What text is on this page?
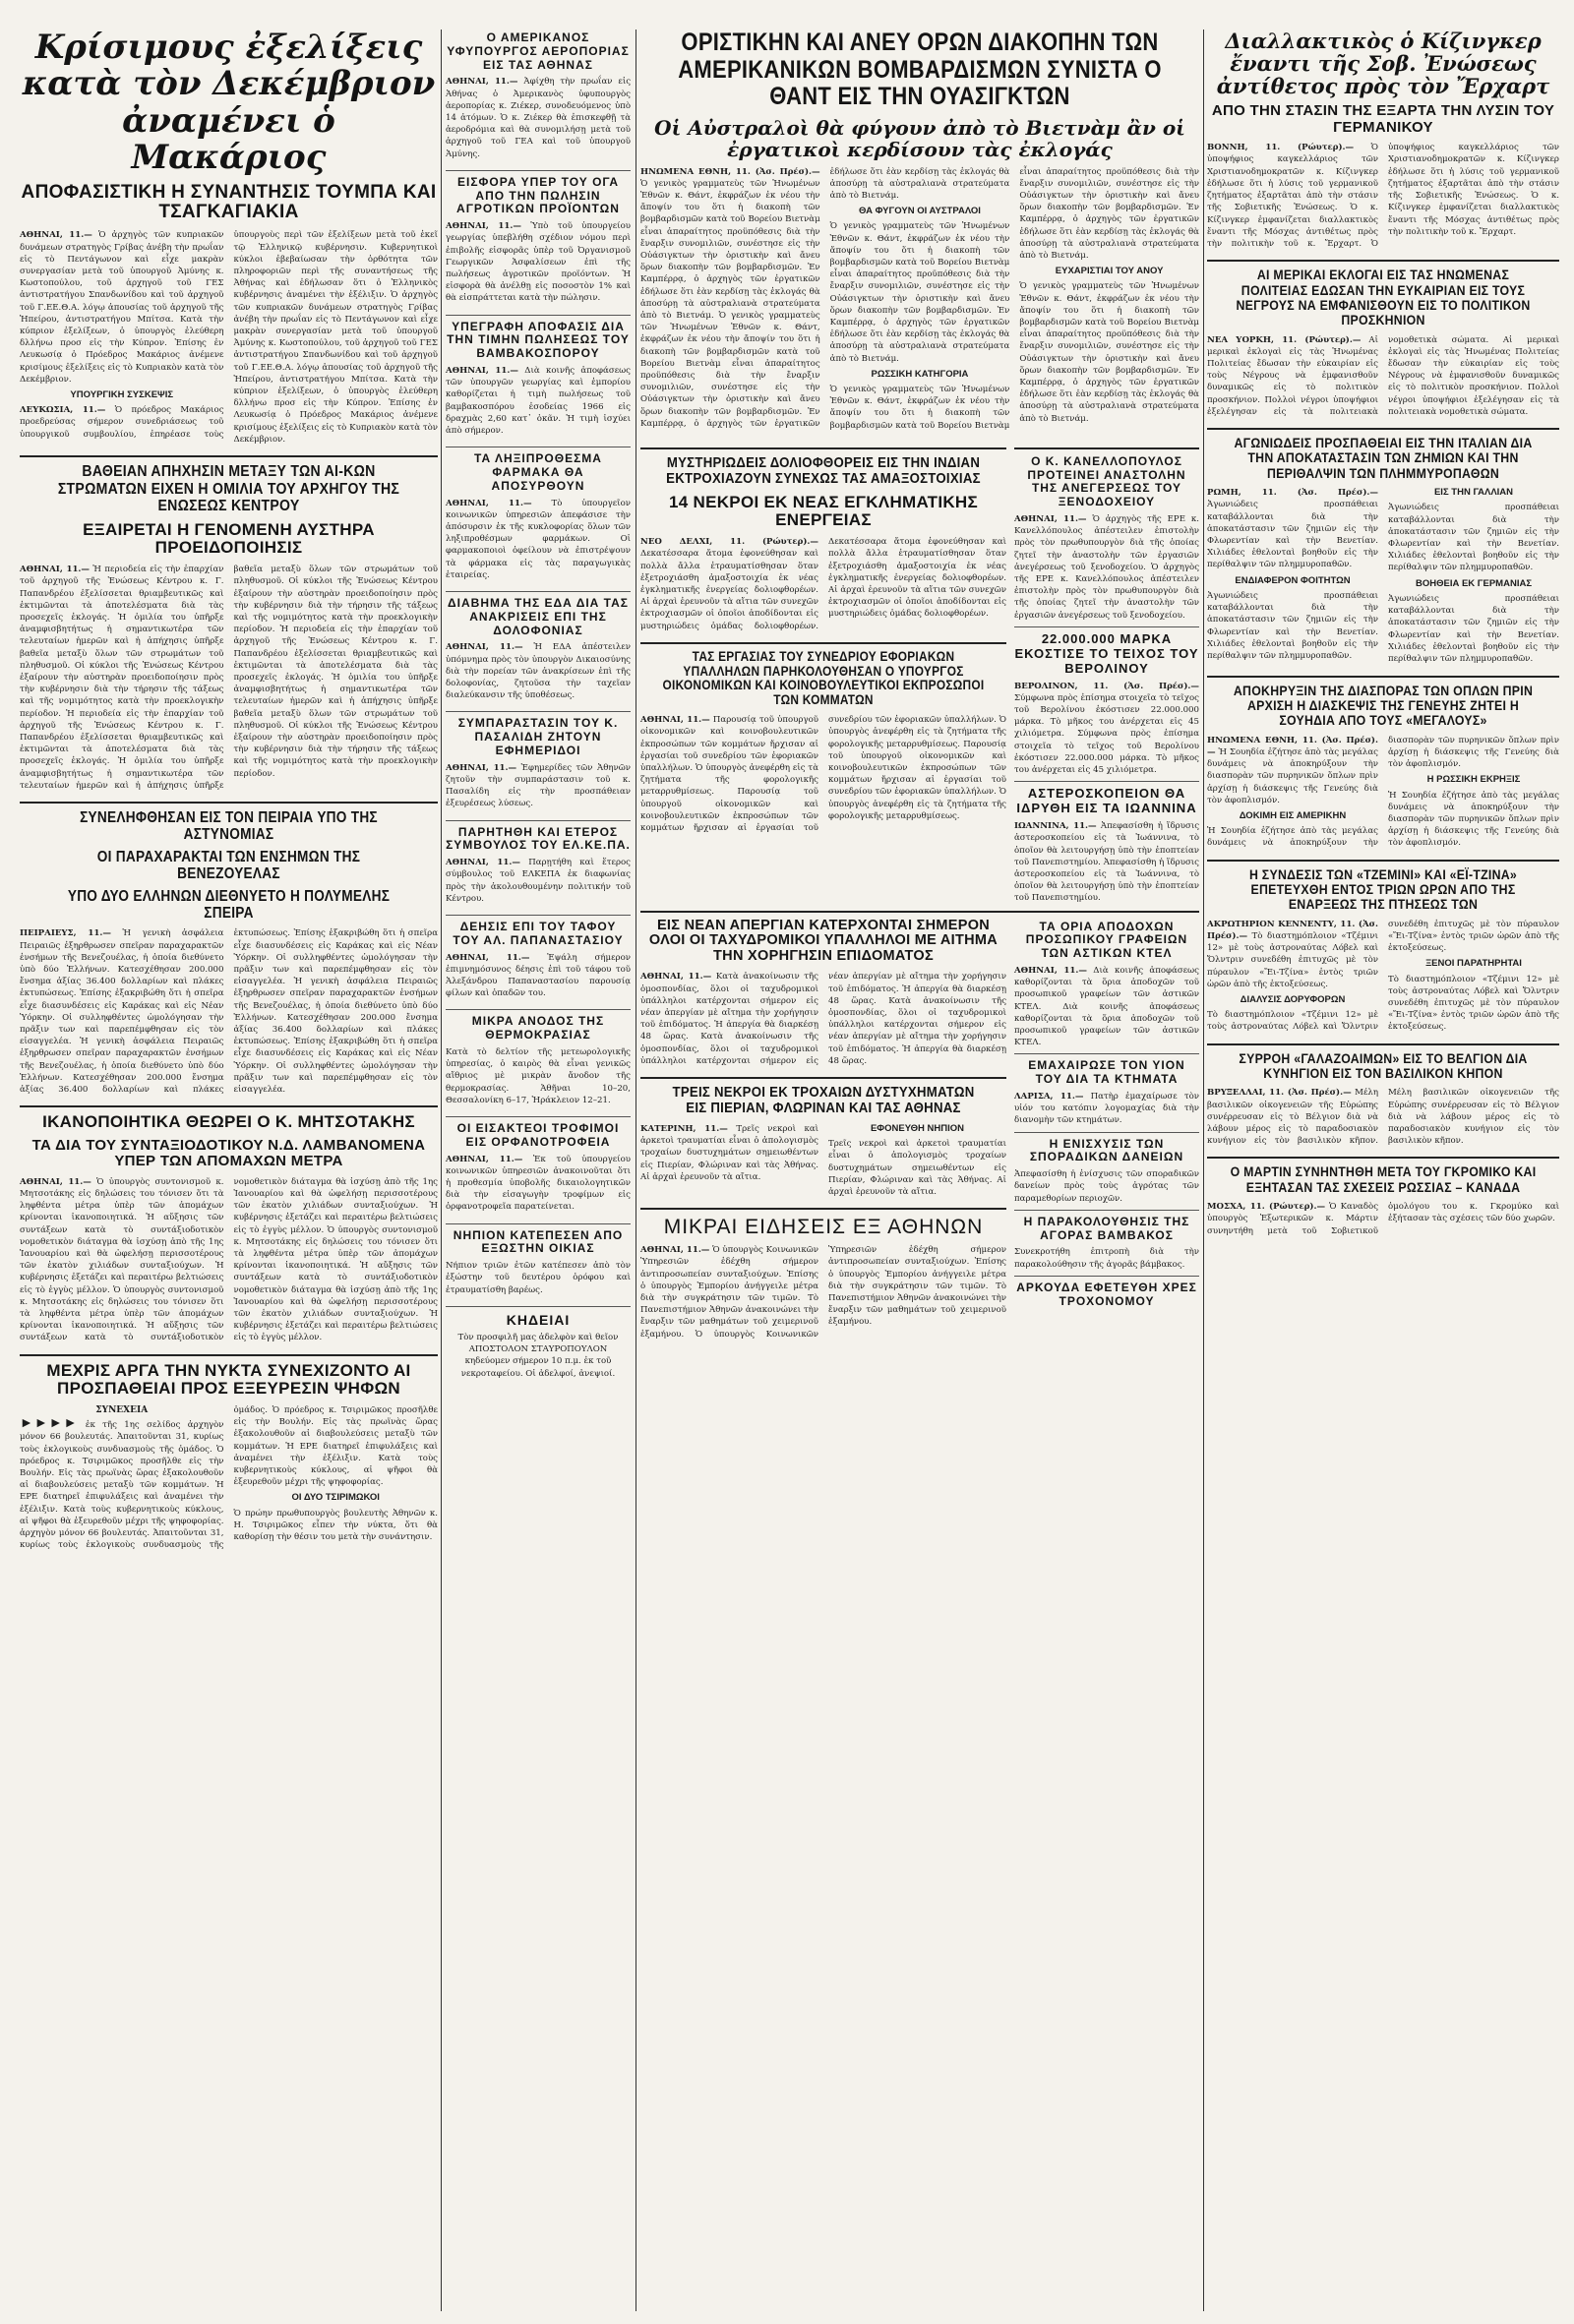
Κρίσιμους ἐξελίξεις κατὰ τὸν Δεκέμβριον ἀναμένει ὁ Μακάριος
ΑΠΟΦΑΣΙΣΤΙΚΗ Η ΣΥΝΑΝΤΗΣΙΣ ΤΟΥΜΠΑ ΚΑΙ ΤΣΑΓΚΑΓΙΑΚΙΑ
ΑΘΗΝΑΙ, 11.— Ὁ ἀρχηγὸς τῶν κυπριακῶν δυνάμεων στρατηγὸς Γρίβας ἀνέβη τὴν πρωΐαν εἰς τὸ Πεντάγωνον καὶ εἶχε μακρὰν συνεργασίαν μετὰ τοῦ ὑπουργοῦ Ἀμύνης κ. Κωστοπούλου, τοῦ ἀρχηγοῦ τοῦ ΓΕΣ ἀντιστρατήγου Σπανδωνίδου καὶ τοῦ ἀρχηγοῦ τοῦ Γ.ΕΕ.Θ.Α. λόγῳ ἀπουσίας τοῦ ἀρχηγοῦ τῆς Ἠπείρου, ἀντιστρατήγου Μπίτσα. Κατὰ τὴν κύπριον ἐξελίξεων, ὁ ὑπουργὸς ἐλεύθερη δλλήνω προσ εἰς τὴν Κύπρον. Ἐπίσης ἐν Λευκωσίᾳ ὁ Πρόεδρος Μακάριος ἀνέμενε κρισίμους ἐξελίξεις εἰς τὸ Κυπριακὸν κατὰ τὸν Δεκέμβριον.
ΥΠΟΥΡΓΙΚΗ ΣΥΣΚΕΨΙΣ
ΛΕΥΚΩΣΙΑ, 11.— Ὁ πρόεδρος Μακάριος προεδρεύσας σήμερον συνεδριάσεως τοῦ ὑπουργικοῦ συμβουλίου, ἐπηρέασε τοὺς ὑπουργοὺς περὶ τῶν ἐξελίξεων μετὰ τοῦ ἐκεῖ τῷ Ἑλληνικῷ κυβέρνησιν. Κυβερνητικοὶ κύκλοι ἐβεβαίωσαν τὴν ὀρθότητα τῶν πληροφοριῶν περὶ τῆς συναντήσεως τῆς Ἀθήνας καὶ ἐδήλωσαν ὅτι ὁ Ἑλληνικὸς κυβέρνησις ἀναμένει τὴν ἐξέλιξιν. Ὁ ἀρχηγὸς τῶν κυπριακῶν δυνάμεων στρατηγὸς Γρίβας ἀνέβη τὴν πρωΐαν εἰς τὸ Πεντάγωνον καὶ εἶχε μακρὰν συνεργασίαν μετὰ τοῦ ὑπουργοῦ Ἀμύνης κ. Κωστοπούλου, τοῦ ἀρχηγοῦ τοῦ ΓΕΣ ἀντιστρατήγου Σπανδωνίδου καὶ τοῦ ἀρχηγοῦ τοῦ Γ.ΕΕ.Θ.Α. λόγῳ ἀπουσίας τοῦ ἀρχηγοῦ τῆς Ἠπείρου, ἀντιστρατήγου Μπίτσα. Κατὰ τὴν κύπριον ἐξελίξεων, ὁ ὑπουργὸς ἐλεύθερη δλλήνω προσ εἰς τὴν Κύπρον. Ἐπίσης ἐν Λευκωσίᾳ ὁ Πρόεδρος Μακάριος ἀνέμενε κρισίμους ἐξελίξεις εἰς τὸ Κυπριακὸν κατὰ τὸν Δεκέμβριον.
ΒΑΘΕΙΑΝ ΑΠΗΧΗΣΙΝ ΜΕΤΑΞΥ ΤΩΝ ΑΙ-ΚΩΝ ΣΤΡΩΜΑΤΩΝ ΕΙΧΕΝ Η ΟΜΙΛΙΑ ΤΟΥ ΑΡΧΗΓΟΥ ΤΗΣ ΕΝΩΣΕΩΣ ΚΕΝΤΡΟΥ
ΕΞΑΙΡΕΤΑΙ Η ΓΕΝΟΜΕΝΗ ΑΥΣΤΗΡΑ ΠΡΟΕΙΔΟΠΟΙΗΣΙΣ
ΑΘΗΝΑΙ, 11.— Ἡ περιοδεία εἰς τὴν ἐπαρχίαν τοῦ ἀρχηγοῦ τῆς Ἐνώσεως Κέντρου κ. Γ. Παπανδρέου ἐξελίσσεται θριαμβευτικῶς καὶ ἐκτιμῶνται τὰ ἀποτελέσματα διὰ τὰς προσεχεῖς ἐκλογάς. Ἡ ὁμιλία του ὑπῆρξε ἀναμφισβητήτως ἡ σημαντικωτέρα τῶν τελευταίων ἡμερῶν καὶ ἡ ἀπήχησις ὑπῆρξε βαθεῖα μεταξὺ ὅλων τῶν στρωμάτων τοῦ πληθυσμοῦ. Οἱ κύκλοι τῆς Ἐνώσεως Κέντρου ἐξαίρουν τὴν αὐστηρὰν προειδοποίησιν πρὸς τὴν κυβέρνησιν διὰ τὴν τήρησιν τῆς τάξεως καὶ τῆς νομιμότητος κατὰ τὴν προεκλογικὴν περίοδον. Ἡ περιοδεία εἰς τὴν ἐπαρχίαν τοῦ ἀρχηγοῦ τῆς Ἐνώσεως Κέντρου κ. Γ. Παπανδρέου ἐξελίσσεται θριαμβευτικῶς καὶ ἐκτιμῶνται τὰ ἀποτελέσματα διὰ τὰς προσεχεῖς ἐκλογάς. Ἡ ὁμιλία του ὑπῆρξε ἀναμφισβητήτως ἡ σημαντικωτέρα τῶν τελευταίων ἡμερῶν καὶ ἡ ἀπήχησις ὑπῆρξε βαθεῖα μεταξὺ ὅλων τῶν στρωμάτων τοῦ πληθυσμοῦ. Οἱ κύκλοι τῆς Ἐνώσεως Κέντρου ἐξαίρουν τὴν αὐστηρὰν προειδοποίησιν πρὸς τὴν κυβέρνησιν διὰ τὴν τήρησιν τῆς τάξεως καὶ τῆς νομιμότητος κατὰ τὴν προεκλογικὴν περίοδον. Ἡ περιοδεία εἰς τὴν ἐπαρχίαν τοῦ ἀρχηγοῦ τῆς Ἐνώσεως Κέντρου κ. Γ. Παπανδρέου ἐξελίσσεται θριαμβευτικῶς καὶ ἐκτιμῶνται τὰ ἀποτελέσματα διὰ τὰς προσεχεῖς ἐκλογάς. Ἡ ὁμιλία του ὑπῆρξε ἀναμφισβητήτως ἡ σημαντικωτέρα τῶν τελευταίων ἡμερῶν καὶ ἡ ἀπήχησις ὑπῆρξε βαθεῖα μεταξὺ ὅλων τῶν στρωμάτων τοῦ πληθυσμοῦ. Οἱ κύκλοι τῆς Ἐνώσεως Κέντρου ἐξαίρουν τὴν αὐστηρὰν προειδοποίησιν πρὸς τὴν κυβέρνησιν διὰ τὴν τήρησιν τῆς τάξεως καὶ τῆς νομιμότητος κατὰ τὴν προεκλογικὴν περίοδον.
ΣΥΝΕΛΗΦΘΗΣΑΝ ΕΙΣ ΤΟΝ ΠΕΙΡΑΙΑ ΥΠΟ ΤΗΣ ΑΣΤΥΝΟΜΙΑΣ
ΟΙ ΠΑΡΑΧΑΡΑΚΤΑΙ ΤΩΝ ΕΝΣΗΜΩΝ ΤΗΣ ΒΕΝΕΖΟΥΕΛΑΣ
ΥΠΟ ΔΥΟ ΕΛΛΗΝΩΝ ΔΙΕΘΝΥΕΤΟ Η ΠΟΛΥΜΕΛΗΣ ΣΠΕΙΡΑ
ΠΕΙΡΑΙΕΥΣ, 11.— Ἡ γενικὴ ἀσφάλεια Πειραιῶς ἐξηρθρωσεν σπεῖραν παραχαρακτῶν ἐνσήμων τῆς Βενεζουέλας, ἡ ὁποία διεθύνετο ὑπὸ δύο Ἑλλήνων. Κατεσχέθησαν 200.000 ἔνσημα ἀξίας 36.400 δολλαρίων καὶ πλάκες ἐκτυπώσεως. Ἐπίσης ἐξακριβώθη ὅτι ἡ σπεῖρα εἶχε διασυνδέσεις εἰς Καράκας καὶ εἰς Νέαν Ὑόρκην. Οἱ συλληφθέντες ὡμολόγησαν τὴν πρᾶξιν των καὶ παρεπέμφθησαν εἰς τὸν εἰσαγγελέα. Ἡ γενικὴ ἀσφάλεια Πειραιῶς ἐξηρθρωσεν σπεῖραν παραχαρακτῶν ἐνσήμων τῆς Βενεζουέλας, ἡ ὁποία διεθύνετο ὑπὸ δύο Ἑλλήνων. Κατεσχέθησαν 200.000 ἔνσημα ἀξίας 36.400 δολλαρίων καὶ πλάκες ἐκτυπώσεως. Ἐπίσης ἐξακριβώθη ὅτι ἡ σπεῖρα εἶχε διασυνδέσεις εἰς Καράκας καὶ εἰς Νέαν Ὑόρκην. Οἱ συλληφθέντες ὡμολόγησαν τὴν πρᾶξιν των καὶ παρεπέμφθησαν εἰς τὸν εἰσαγγελέα. Ἡ γενικὴ ἀσφάλεια Πειραιῶς ἐξηρθρωσεν σπεῖραν παραχαρακτῶν ἐνσήμων τῆς Βενεζουέλας, ἡ ὁποία διεθύνετο ὑπὸ δύο Ἑλλήνων. Κατεσχέθησαν 200.000 ἔνσημα ἀξίας 36.400 δολλαρίων καὶ πλάκες ἐκτυπώσεως. Ἐπίσης ἐξακριβώθη ὅτι ἡ σπεῖρα εἶχε διασυνδέσεις εἰς Καράκας καὶ εἰς Νέαν Ὑόρκην. Οἱ συλληφθέντες ὡμολόγησαν τὴν πρᾶξιν των καὶ παρεπέμφθησαν εἰς τὸν εἰσαγγελέα.
ΙΚΑΝΟΠΟΙΗΤΙΚΑ ΘΕΩΡΕΙ Ο Κ. ΜΗΤΣΟΤΑΚΗΣ
ΤΑ ΔΙΑ ΤΟΥ ΣΥΝΤΑΞΙΟΔΟΤΙΚΟΥ Ν.Δ. ΛΑΜΒΑΝΟΜΕΝΑ ΥΠΕΡ ΤΩΝ ΑΠΟΜΑΧΩΝ ΜΕΤΡΑ
ΑΘΗΝΑΙ, 11.— Ὁ ὑπουργὸς συντονισμοῦ κ. Μητσοτάκης εἰς δηλώσεις του τόνισεν ὅτι τὰ ληφθέντα μέτρα ὑπὲρ τῶν ἀπομάχων κρίνονται ἱκανοποιητικά. Ἡ αὔξησις τῶν συντάξεων κατὰ τὸ συντάξιοδοτικὸν νομοθετικὸν διάταγμα θὰ ἰσχύσῃ ἀπὸ τῆς 1ης Ἰανουαρίου καὶ θὰ ὠφελήσῃ περισσοτέρους τῶν ἑκατὸν χιλιάδων συνταξιούχων. Ἡ κυβέρνησις ἐξετάζει καὶ περαιτέρω βελτιώσεις εἰς τὸ ἐγγὺς μέλλον. Ὁ ὑπουργὸς συντονισμοῦ κ. Μητσοτάκης εἰς δηλώσεις του τόνισεν ὅτι τὰ ληφθέντα μέτρα ὑπὲρ τῶν ἀπομάχων κρίνονται ἱκανοποιητικά. Ἡ αὔξησις τῶν συντάξεων κατὰ τὸ συντάξιοδοτικὸν νομοθετικὸν διάταγμα θὰ ἰσχύσῃ ἀπὸ τῆς 1ης Ἰανουαρίου καὶ θὰ ὠφελήσῃ περισσοτέρους τῶν ἑκατὸν χιλιάδων συνταξιούχων. Ἡ κυβέρνησις ἐξετάζει καὶ περαιτέρω βελτιώσεις εἰς τὸ ἐγγὺς μέλλον. Ὁ ὑπουργὸς συντονισμοῦ κ. Μητσοτάκης εἰς δηλώσεις του τόνισεν ὅτι τὰ ληφθέντα μέτρα ὑπὲρ τῶν ἀπομάχων κρίνονται ἱκανοποιητικά. Ἡ αὔξησις τῶν συντάξεων κατὰ τὸ συντάξιοδοτικὸν νομοθετικὸν διάταγμα θὰ ἰσχύσῃ ἀπὸ τῆς 1ης Ἰανουαρίου καὶ θὰ ὠφελήσῃ περισσοτέρους τῶν ἑκατὸν χιλιάδων συνταξιούχων. Ἡ κυβέρνησις ἐξετάζει καὶ περαιτέρω βελτιώσεις εἰς τὸ ἐγγὺς μέλλον.
ΜΕΧΡΙΣ ΑΡΓΑ ΤΗΝ ΝΥΚΤΑ ΣΥΝΕΧΙΖΟΝΤΟ ΑΙ ΠΡΟΣΠΑΘΕΙΑΙ ΠΡΟΣ ΕΞΕΥΡΕΣΙΝ ΨΗΦΩΝ
ΣΥΝΕΧΕΙΑ
►►►► ἐκ τῆς 1ης σελίδος ἀρχηγὸν μόνον 66 βουλευτάς. Ἀπαιτοῦνται 31, κυρίως τοὺς ἐκλογικοὺς συνδυασμοὺς τῆς ὁμάδος. Ὁ πρόεδρος κ. Τσιριμῶκος προσῆλθε εἰς τὴν Βουλήν. Εἰς τὰς πρωϊνὰς ὥρας ἐξακολουθοῦν αἱ διαβουλεύσεις μεταξὺ τῶν κομμάτων. Ἡ ΕΡΕ διατηρεῖ ἐπιφυλάξεις καὶ ἀναμένει τὴν ἐξέλιξιν. Κατὰ τοὺς κυβερνητικοὺς κύκλους, αἱ ψῆφοι θὰ ἐξευρεθοῦν μέχρι τῆς ψηφοφορίας. ἀρχηγὸν μόνον 66 βουλευτάς. Ἀπαιτοῦνται 31, κυρίως τοὺς ἐκλογικοὺς συνδυασμοὺς τῆς ὁμάδος. Ὁ πρόεδρος κ. Τσιριμῶκος προσῆλθε εἰς τὴν Βουλήν. Εἰς τὰς πρωϊνὰς ὥρας ἐξακολουθοῦν αἱ διαβουλεύσεις μεταξὺ τῶν κομμάτων. Ἡ ΕΡΕ διατηρεῖ ἐπιφυλάξεις καὶ ἀναμένει τὴν ἐξέλιξιν. Κατὰ τοὺς κυβερνητικοὺς κύκλους, αἱ ψῆφοι θὰ ἐξευρεθοῦν μέχρι τῆς ψηφοφορίας.
ΟΙ ΔΥΟ ΤΣΙΡΙΜΩΚΟΙ
Ὁ πρώην πρωθυπουργὸς βουλευτὴς Ἀθηνῶν κ. Η. Τσιριμῶκος εἶπεν τὴν νύκτα, ὅτι θὰ καθορίσῃ τὴν θέσιν του μετὰ τὴν συνάντησιν.
Ο ΑΜΕΡΙΚΑΝΟΣ ΥΦΥΠΟΥΡΓΟΣ ΑΕΡΟΠΟΡΙΑΣ ΕΙΣ ΤΑΣ ΑΘΗΝΑΣ

ΑΘΗΝΑΙ, 11.— Ἀφίχθη τὴν πρωΐαν εἰς Ἀθήνας ὁ Ἀμερικανὸς ὑφυπουργὸς ἀεροπορίας κ. Ζιέκερ, συνοδευόμενος ὑπὸ 14 ἀτόμων. Ὁ κ. Ζιέκερ θὰ ἐπισκεφθῇ τὰ ἀεροδρόμια καὶ θὰ συνομιλήσῃ μετὰ τοῦ ἀρχηγοῦ τοῦ ΓΕΑ καὶ τοῦ ὑπουργοῦ Ἀμύνης.

ΕΙΣΦΟΡΑ ΥΠΕΡ ΤΟΥ ΟΓΑ ΑΠΟ ΤΗΝ ΠΩΛΗΣΙΝ ΑΓΡΟΤΙΚΩΝ ΠΡΟΪΟΝΤΩΝ

ΑΘΗΝΑΙ, 11.— Ὑπὸ τοῦ ὑπουργείου γεωργίας ὑπεβλήθη σχέδιον νόμου περὶ ἐπιβολῆς εἰσφορᾶς ὑπὲρ τοῦ Ὀργανισμοῦ Γεωργικῶν Ἀσφαλίσεων ἐπὶ τῆς πωλήσεως ἀγροτικῶν προϊόντων. Ἡ εἰσφορὰ θὰ ἀνέλθῃ εἰς ποσοστὸν 1% καὶ θὰ εἰσπράττεται κατὰ τὴν πώλησιν.

ΥΠΕΓΡΑΦΗ ΑΠΟΦΑΣΙΣ ΔΙΑ ΤΗΝ ΤΙΜΗΝ ΠΩΛΗΣΕΩΣ ΤΟΥ ΒΑΜΒΑΚΟΣΠΟΡΟΥ

ΑΘΗΝΑΙ, 11.— Διὰ κοινῆς ἀποφάσεως τῶν ὑπουργῶν γεωργίας καὶ ἐμπορίου καθορίζεται ἡ τιμὴ πωλήσεως τοῦ βαμβακοσπόρου ἐσοδείας 1966 εἰς δραχμὰς 2,60 κατ᾽ ὀκᾶν. Ἡ τιμὴ ἰσχύει ἀπὸ σήμερον.

ΤΑ ΛΗΞΙΠΡΟΘΕΣΜΑ ΦΑΡΜΑΚΑ ΘΑ ΑΠΟΣΥΡΘΟΥΝ

ΑΘΗΝΑΙ, 11.— Τὸ ὑπουργεῖον κοινωνικῶν ὑπηρεσιῶν ἀπεφάσισε τὴν ἀπόσυρσιν ἐκ τῆς κυκλοφορίας ὅλων τῶν ληξιπροθέσμων φαρμάκων. Οἱ φαρμακοποιοὶ ὀφείλουν νὰ ἐπιστρέψουν τὰ φάρμακα εἰς τὰς παραγωγικὰς ἑταιρείας.

ΔΙΑΒΗΜΑ ΤΗΣ ΕΔΑ ΔΙΑ ΤΑΣ ΑΝΑΚΡΙΣΕΙΣ ΕΠΙ ΤΗΣ ΔΟΛΟΦΟΝΙΑΣ

ΑΘΗΝΑΙ, 11.— Ἡ ΕΔΑ ἀπέστειλεν ὑπόμνημα πρὸς τὸν ὑπουργὸν Δικαιοσύνης διὰ τὴν πορείαν τῶν ἀνακρίσεων ἐπὶ τῆς δολοφονίας, ζητοῦσα τὴν ταχεῖαν διαλεύκανσιν τῆς ὑποθέσεως.

ΣΥΜΠΑΡΑΣΤΑΣΙΝ ΤΟΥ Κ. ΠΑΣΑΛΙΔΗ ΖΗΤΟΥΝ ΕΦΗΜΕΡΙΔΟΙ

ΑΘΗΝΑΙ, 11.— Ἐφημερίδες τῶν Ἀθηνῶν ζητοῦν τὴν συμπαράστασιν τοῦ κ. Πασαλίδη εἰς τὴν προσπάθειαν ἐξευρέσεως λύσεως.

ΠΑΡΗΤΗΘΗ ΚΑΙ ΕΤΕΡΟΣ ΣΥΜΒΟΥΛΟΣ ΤΟΥ ΕΛ.ΚΕ.ΠΑ.

ΑΘΗΝΑΙ, 11.— Παρῃτήθη καὶ ἕτερος σύμβουλος τοῦ ΕΛΚΕΠΑ ἐκ διαφωνίας πρὸς τὴν ἀκολουθουμένην πολιτικήν τοῦ Κέντρου.

ΔΕΗΣΙΣ ΕΠΙ ΤΟΥ ΤΑΦΟΥ ΤΟΥ ΑΛ. ΠΑΠΑΝΑΣΤΑΣΙΟΥ

ΑΘΗΝΑΙ, 11.— Ἐψάλη σήμερον ἐπιμνημόσυνος δέησις ἐπὶ τοῦ τάφου τοῦ Ἀλεξάνδρου Παπαναστασίου παρουσίᾳ φίλων καὶ ὀπαδῶν του.

ΜΙΚΡΑ ΑΝΟΔΟΣ ΤΗΣ ΘΕΡΜΟΚΡΑΣΙΑΣ

Κατὰ τὸ δελτίον τῆς μετεωρολογικῆς ὑπηρεσίας, ὁ καιρὸς θὰ εἶναι γενικῶς αἴθριος μὲ μικρὰν ἄνοδον τῆς θερμοκρασίας. Ἀθῆναι 10–20, Θεσσαλονίκη 6–17, Ἡράκλειον 12–21.

ΟΙ ΕΙΣΑΚΤΕΟΙ ΤΡΟΦΙΜΟΙ ΕΙΣ ΟΡΦΑΝΟΤΡΟΦΕΙΑ

ΑΘΗΝΑΙ, 11.— Ἐκ τοῦ ὑπουργείου κοινωνικῶν ὑπηρεσιῶν ἀνακοινοῦται ὅτι ἡ προθεσμία ὑποβολῆς δικαιολογητικῶν διὰ τὴν εἰσαγωγὴν τροφίμων εἰς ὀρφανοτροφεῖα παρατείνεται.

ΝΗΠΙΟΝ ΚΑΤΕΠΕΣΕΝ ΑΠΟ ΕΞΩΣΤΗΝ ΟΙΚΙΑΣ

Νήπιον τριῶν ἐτῶν κατέπεσεν ἀπὸ τὸν ἐξώστην τοῦ δευτέρου ὀρόφου καὶ ἐτραυματίσθη βαρέως.

ΚΗΔΕΙΑΙ

Τὸν προσφιλῆ μας ἀδελφὸν καὶ θεῖον ΑΠΟΣΤΟΛΟΝ ΣΤΑΥΡΟΠΟΥΛΟΝ κηδεύομεν σήμερον 10 π.μ. ἐκ τοῦ νεκροταφείου. Οἱ ἀδελφοί, ἀνεψιοί.

ΟΡΙΣΤΙΚΗΝ ΚΑΙ ΑΝΕΥ ΟΡΩΝ ΔΙΑΚΟΠΗΝ ΤΩΝ ΑΜΕΡΙΚΑΝΙΚΩΝ ΒΟΜΒΑΡΔΙΣΜΩΝ ΣΥΝΙΣΤΑ Ο ΘΑΝΤ ΕΙΣ ΤΗΝ ΟΥΑΣΙΓΚΤΩΝ
Οἱ Αὐστραλοὶ θὰ φύγουν ἀπὸ τὸ Βιετνὰμ ἂν οἱ ἐργατικοὶ κερδίσουν τὰς ἐκλογάς
ΗΝΩΜΕΝΑ ΕΘΝΗ, 11. (Ἀσ. Πρέσ).— Ὁ γενικὸς γραμματεὺς τῶν Ἡνωμένων Ἐθνῶν κ. Θάντ, ἐκφράζων ἐκ νέου τὴν ἄποψίν του ὅτι ἡ διακοπὴ τῶν βομβαρδισμῶν κατὰ τοῦ Βορείου Βιετνὰμ εἶναι ἀπαραίτητος προϋπόθεσις διὰ τὴν ἔναρξιν συνομιλιῶν, συνέστησε εἰς τὴν Οὐάσιγκτων τὴν ὁριστικὴν καὶ ἄνευ ὅρων διακοπὴν τῶν βομβαρδισμῶν. Ἐν Καμπέρρᾳ, ὁ ἀρχηγὸς τῶν ἐργατικῶν ἐδήλωσε ὅτι ἐὰν κερδίσῃ τὰς ἐκλογάς θὰ ἀποσύρῃ τὰ αὐστραλιανὰ στρατεύματα ἀπὸ τὸ Βιετνάμ. Ὁ γενικὸς γραμματεὺς τῶν Ἡνωμένων Ἐθνῶν κ. Θάντ, ἐκφράζων ἐκ νέου τὴν ἄποψίν του ὅτι ἡ διακοπὴ τῶν βομβαρδισμῶν κατὰ τοῦ Βορείου Βιετνὰμ εἶναι ἀπαραίτητος προϋπόθεσις διὰ τὴν ἔναρξιν συνομιλιῶν, συνέστησε εἰς τὴν Οὐάσιγκτων τὴν ὁριστικὴν καὶ ἄνευ ὅρων διακοπὴν τῶν βομβαρδισμῶν. Ἐν Καμπέρρᾳ, ὁ ἀρχηγὸς τῶν ἐργατικῶν ἐδήλωσε ὅτι ἐὰν κερδίσῃ τὰς ἐκλογάς θὰ ἀποσύρῃ τὰ αὐστραλιανὰ στρατεύματα ἀπὸ τὸ Βιετνάμ.
ΘΑ ΦΥΓΟΥΝ ΟΙ ΑΥΣΤΡΑΛΟΙ
Ὁ γενικὸς γραμματεὺς τῶν Ἡνωμένων Ἐθνῶν κ. Θάντ, ἐκφράζων ἐκ νέου τὴν ἄποψίν του ὅτι ἡ διακοπὴ τῶν βομβαρδισμῶν κατὰ τοῦ Βορείου Βιετνὰμ εἶναι ἀπαραίτητος προϋπόθεσις διὰ τὴν ἔναρξιν συνομιλιῶν, συνέστησε εἰς τὴν Οὐάσιγκτων τὴν ὁριστικὴν καὶ ἄνευ ὅρων διακοπὴν τῶν βομβαρδισμῶν. Ἐν Καμπέρρᾳ, ὁ ἀρχηγὸς τῶν ἐργατικῶν ἐδήλωσε ὅτι ἐὰν κερδίσῃ τὰς ἐκλογάς θὰ ἀποσύρῃ τὰ αὐστραλιανὰ στρατεύματα ἀπὸ τὸ Βιετνάμ.
ΡΩΣΣΙΚΗ ΚΑΤΗΓΟΡΙΑ
Ὁ γενικὸς γραμματεὺς τῶν Ἡνωμένων Ἐθνῶν κ. Θάντ, ἐκφράζων ἐκ νέου τὴν ἄποψίν του ὅτι ἡ διακοπὴ τῶν βομβαρδισμῶν κατὰ τοῦ Βορείου Βιετνὰμ εἶναι ἀπαραίτητος προϋπόθεσις διὰ τὴν ἔναρξιν συνομιλιῶν, συνέστησε εἰς τὴν Οὐάσιγκτων τὴν ὁριστικὴν καὶ ἄνευ ὅρων διακοπὴν τῶν βομβαρδισμῶν. Ἐν Καμπέρρᾳ, ὁ ἀρχηγὸς τῶν ἐργατικῶν ἐδήλωσε ὅτι ἐὰν κερδίσῃ τὰς ἐκλογάς θὰ ἀποσύρῃ τὰ αὐστραλιανὰ στρατεύματα ἀπὸ τὸ Βιετνάμ.
ΕΥΧΑΡΙΣΤΙΑΙ ΤΟΥ ΑΝΟΥ
Ὁ γενικὸς γραμματεὺς τῶν Ἡνωμένων Ἐθνῶν κ. Θάντ, ἐκφράζων ἐκ νέου τὴν ἄποψίν του ὅτι ἡ διακοπὴ τῶν βομβαρδισμῶν κατὰ τοῦ Βορείου Βιετνὰμ εἶναι ἀπαραίτητος προϋπόθεσις διὰ τὴν ἔναρξιν συνομιλιῶν, συνέστησε εἰς τὴν Οὐάσιγκτων τὴν ὁριστικὴν καὶ ἄνευ ὅρων διακοπὴν τῶν βομβαρδισμῶν. Ἐν Καμπέρρᾳ, ὁ ἀρχηγὸς τῶν ἐργατικῶν ἐδήλωσε ὅτι ἐὰν κερδίσῃ τὰς ἐκλογάς θὰ ἀποσύρῃ τὰ αὐστραλιανὰ στρατεύματα ἀπὸ τὸ Βιετνάμ.
ΜΥΣΤΗΡΙΩΔΕΙΣ ΔΟΛΙΟΦΘΟΡΕΙΣ ΕΙΣ ΤΗΝ ΙΝΔΙΑΝ ΕΚΤΡΟΧΙΑΖΟΥΝ ΣΥΝΕΧΩΣ ΤΑΣ ΑΜΑΞΟΣΤΟΙΧΙΑΣ
14 ΝΕΚΡΟΙ ΕΚ ΝΕΑΣ ΕΓΚΛΗΜΑΤΙΚΗΣ ΕΝΕΡΓΕΙΑΣ
ΝΕΟ ΔΕΛΧΙ, 11. (Ρώυτερ).— Δεκατέσσαρα ἄτομα ἐφονεύθησαν καὶ πολλὰ ἄλλα ἐτραυματίσθησαν ὅταν ἐξετροχιάσθη ἀμαξοστοιχία ἐκ νέας ἐγκληματικῆς ἐνεργείας δολιοφθορέων. Αἱ ἀρχαὶ ἐρευνοῦν τὰ αἴτια τῶν συνεχῶν ἐκτροχιασμῶν οἱ ὁποῖοι ἀποδίδονται εἰς μυστηριώδεις ὁμάδας δολιοφθορέων. Δεκατέσσαρα ἄτομα ἐφονεύθησαν καὶ πολλὰ ἄλλα ἐτραυματίσθησαν ὅταν ἐξετροχιάσθη ἀμαξοστοιχία ἐκ νέας ἐγκληματικῆς ἐνεργείας δολιοφθορέων. Αἱ ἀρχαὶ ἐρευνοῦν τὰ αἴτια τῶν συνεχῶν ἐκτροχιασμῶν οἱ ὁποῖοι ἀποδίδονται εἰς μυστηριώδεις ὁμάδας δολιοφθορέων.
ΤΑΣ ΕΡΓΑΣΙΑΣ ΤΟΥ ΣΥΝΕΔΡΙΟΥ ΕΦΟΡΙΑΚΩΝ ΥΠΑΛΛΗΛΩΝ ΠΑΡΗΚΟΛΟΥΘΗΣΑΝ Ο ΥΠΟΥΡΓΟΣ ΟΙΚΟΝΟΜΙΚΩΝ ΚΑΙ ΚΟΙΝΟΒΟΥΛΕΥΤΙΚΟΙ ΕΚΠΡΟΣΩΠΟΙ ΤΩΝ ΚΟΜΜΑΤΩΝ
ΑΘΗΝΑΙ, 11.— Παρουσίᾳ τοῦ ὑπουργοῦ οἰκονομικῶν καὶ κοινοβουλευτικῶν ἐκπροσώπων τῶν κομμάτων ἤρχισαν αἱ ἐργασίαι τοῦ συνεδρίου τῶν ἐφοριακῶν ὑπαλλήλων. Ὁ ὑπουργὸς ἀνεφέρθη εἰς τὰ ζητήματα τῆς φορολογικῆς μεταρρυθμίσεως.	Παρουσίᾳ τοῦ ὑπουργοῦ οἰκονομικῶν καὶ κοινοβουλευτικῶν ἐκπροσώπων τῶν κομμάτων ἤρχισαν αἱ ἐργασίαι τοῦ συνεδρίου τῶν ἐφοριακῶν ὑπαλλήλων. Ὁ ὑπουργὸς ἀνεφέρθη εἰς τὰ ζητήματα τῆς φορολογικῆς μεταρρυθμίσεως. Παρουσίᾳ τοῦ ὑπουργοῦ οἰκονομικῶν καὶ κοινοβουλευτικῶν ἐκπροσώπων τῶν κομμάτων ἤρχισαν αἱ ἐργασίαι τοῦ συνεδρίου τῶν ἐφοριακῶν ὑπαλλήλων. Ὁ ὑπουργὸς ἀνεφέρθη εἰς τὰ ζητήματα τῆς φορολογικῆς μεταρρυθμίσεως.
Ο Κ. ΚΑΝΕΛΛΟΠΟΥΛΟΣ ΠΡΟΤΕΙΝΕΙ ΑΝΑΣΤΟΛΗΝ ΤΗΣ ΑΝΕΓΕΡΣΕΩΣ ΤΟΥ ΞΕΝΟΔΟΧΕΙΟΥ

ΑΘΗΝΑΙ, 11.— Ὁ ἀρχηγὸς τῆς ΕΡΕ κ. Κανελλόπουλος ἀπέστειλεν ἐπιστολὴν πρὸς τὸν πρωθυπουργὸν διὰ τῆς ὁποίας ζητεῖ τὴν ἀναστολὴν τῶν ἐργασιῶν ἀνεγέρσεως τοῦ ξενοδοχείου. Ὁ ἀρχηγὸς τῆς ΕΡΕ κ. Κανελλόπουλος ἀπέστειλεν ἐπιστολὴν πρὸς τὸν πρωθυπουργὸν διὰ τῆς ὁποίας ζητεῖ τὴν ἀναστολὴν τῶν ἐργασιῶν ἀνεγέρσεως τοῦ ξενοδοχείου.

22.000.000 ΜΑΡΚΑ ΕΚΟΣΤΙΣΕ ΤΟ ΤΕΙΧΟΣ ΤΟΥ ΒΕΡΟΛΙΝΟΥ

ΒΕΡΟΛΙΝΟΝ, 11. (Ἀσ. Πρέσ).— Σύμφωνα πρὸς ἐπίσημα στοιχεῖα τὸ τεῖχος τοῦ Βερολίνου ἐκόστισεν 22.000.000 μάρκα. Τὸ μῆκος του ἀνέρχεται εἰς 45 χιλιόμετρα. Σύμφωνα πρὸς ἐπίσημα στοιχεῖα τὸ τεῖχος τοῦ Βερολίνου ἐκόστισεν 22.000.000 μάρκα. Τὸ μῆκος του ἀνέρχεται εἰς 45 χιλιόμετρα.

ΑΣΤΕΡΟΣΚΟΠΕΙΟΝ ΘΑ ΙΔΡΥΘΗ ΕΙΣ ΤΑ ΙΩΑΝΝΙΝΑ

ΙΩΑΝΝΙΝΑ, 11.— Ἀπεφασίσθη ἡ ἵδρυσις ἀστεροσκοπείου εἰς τὰ Ἰωάννινα, τὸ ὁποῖον θὰ λειτουργήσῃ ὑπὸ τὴν ἐποπτείαν τοῦ Πανεπιστημίου. Ἀπεφασίσθη ἡ ἵδρυσις ἀστεροσκοπείου εἰς τὰ Ἰωάννινα, τὸ ὁποῖον θὰ λειτουργήσῃ ὑπὸ τὴν ἐποπτείαν τοῦ Πανεπιστημίου.

ΕΙΣ ΝΕΑΝ ΑΠΕΡΓΙΑΝ ΚΑΤΕΡΧΟΝΤΑΙ ΣΗΜΕΡΟΝ ΟΛΟΙ ΟΙ ΤΑΧΥΔΡΟΜΙΚΟΙ ΥΠΑΛΛΗΛΟΙ ΜΕ ΑΙΤΗΜΑ ΤΗΝ ΧΟΡΗΓΗΣΙΝ ΕΠΙΔΟΜΑΤΟΣ
ΑΘΗΝΑΙ, 11.— Κατὰ ἀνακοίνωσιν τῆς ὁμοσπονδίας, ὅλοι οἱ ταχυδρομικοὶ ὑπάλληλοι κατέρχονται σήμερον εἰς νέαν ἀπεργίαν μὲ αἴτημα τὴν χορήγησιν τοῦ ἐπιδόματος. Ἡ ἀπεργία θὰ διαρκέσῃ 48 ὥρας. Κατὰ ἀνακοίνωσιν τῆς ὁμοσπονδίας, ὅλοι οἱ ταχυδρομικοὶ ὑπάλληλοι κατέρχονται σήμερον εἰς νέαν ἀπεργίαν μὲ αἴτημα τὴν χορήγησιν τοῦ ἐπιδόματος. Ἡ ἀπεργία θὰ διαρκέσῃ 48 ὥρας. Κατὰ ἀνακοίνωσιν τῆς ὁμοσπονδίας, ὅλοι οἱ ταχυδρομικοὶ ὑπάλληλοι κατέρχονται σήμερον εἰς νέαν ἀπεργίαν μὲ αἴτημα τὴν χορήγησιν τοῦ ἐπιδόματος. Ἡ ἀπεργία θὰ διαρκέσῃ 48 ὥρας.
ΤΡΕΙΣ ΝΕΚΡΟΙ ΕΚ ΤΡΟΧΑΙΩΝ ΔΥΣΤΥΧΗΜΑΤΩΝ ΕΙΣ ΠΙΕΡΙΑΝ, ΦΛΩΡΙΝΑΝ ΚΑΙ ΤΑΣ ΑΘΗΝΑΣ
ΚΑΤΕΡΙΝΗ, 11.— Τρεῖς νεκροὶ καὶ ἀρκετοὶ τραυματίαι εἶναι ὁ ἀπολογισμὸς τροχαίων δυστυχημάτων σημειωθέντων εἰς Πιερίαν, Φλώριναν καὶ τὰς Ἀθήνας. Αἱ ἀρχαὶ ἐρευνοῦν τὰ αἴτια.
ΕΦΟΝΕΥΘΗ ΝΗΠΙΟΝ
Τρεῖς νεκροὶ καὶ ἀρκετοὶ τραυματίαι εἶναι ὁ ἀπολογισμὸς τροχαίων δυστυχημάτων σημειωθέντων εἰς Πιερίαν, Φλώριναν καὶ τὰς Ἀθήνας. Αἱ ἀρχαὶ ἐρευνοῦν τὰ αἴτια.
ΜΙΚΡΑΙ ΕΙΔΗΣΕΙΣ ΕΞ ΑΘΗΝΩΝ
ΑΘΗΝΑΙ, 11.— Ὁ ὑπουργὸς Κοινωνικῶν Ὑπηρεσιῶν ἐδέχθη σήμερον ἀντιπροσωπείαν συνταξιούχων. Ἐπίσης ὁ ὑπουργὸς Ἐμπορίου ἀνήγγειλε μέτρα διὰ τὴν συγκράτησιν τῶν τιμῶν. Τὸ Πανεπιστήμιον Ἀθηνῶν ἀνακοινώνει τὴν ἔναρξιν τῶν μαθημάτων τοῦ χειμερινοῦ ἑξαμήνου. Ὁ ὑπουργὸς Κοινωνικῶν Ὑπηρεσιῶν ἐδέχθη σήμερον ἀντιπροσωπείαν συνταξιούχων. Ἐπίσης ὁ ὑπουργὸς Ἐμπορίου ἀνήγγειλε μέτρα διὰ τὴν συγκράτησιν τῶν τιμῶν. Τὸ Πανεπιστήμιον Ἀθηνῶν ἀνακοινώνει τὴν ἔναρξιν τῶν μαθημάτων τοῦ χειμερινοῦ ἑξαμήνου.
ΤΑ ΟΡΙΑ ΑΠΟΔΟΧΩΝ ΠΡΟΣΩΠΙΚΟΥ ΓΡΑΦΕΙΩΝ ΤΩΝ ΑΣΤΙΚΩΝ ΚΤΕΛ

ΑΘΗΝΑΙ, 11.— Διὰ κοινῆς ἀποφάσεως καθορίζονται τὰ ὅρια ἀποδοχῶν τοῦ προσωπικοῦ γραφείων τῶν ἀστικῶν ΚΤΕΛ.	Διὰ κοινῆς ἀποφάσεως καθορίζονται τὰ ὅρια ἀποδοχῶν τοῦ προσωπικοῦ γραφείων τῶν ἀστικῶν ΚΤΕΛ.

ΕΜΑΧΑΙΡΩΣΕ ΤΟΝ ΥΙΟΝ ΤΟΥ ΔΙΑ ΤΑ ΚΤΗΜΑΤΑ

ΛΑΡΙΣΑ, 11.— Πατὴρ ἐμαχαίρωσε τὸν υἱόν του κατόπιν λογομαχίας διὰ τὴν διανομὴν τῶν κτημάτων.

Η ΕΝΙΣΧΥΣΙΣ ΤΩΝ ΣΠΟΡΑΔΙΚΩΝ ΔΑΝΕΙΩΝ

Ἀπεφασίσθη ἡ ἐνίσχυσις τῶν σποραδικῶν δανείων πρὸς τοὺς ἀγρότας τῶν παραμεθορίων περιοχῶν.

Η ΠΑΡΑΚΟΛΟΥΘΗΣΙΣ ΤΗΣ ΑΓΟΡΑΣ ΒΑΜΒΑΚΟΣ

Συνεκροτήθη ἐπιτροπὴ διὰ τὴν παρακολούθησιν τῆς ἀγορᾶς βάμβακος.

ΑΡΚΟΥΔΑ ΕΦΕΤΕΥΘΗ ΧΡΕΣ ΤΡΟΧΟΝΟΜΟΥ
Διαλλακτικὸς ὁ Κίζινγκερ ἔναντι τῆς Σοβ. Ἐνώσεως ἀντίθετος πρὸς τὸν Ἔρχαρτ
ΑΠΟ ΤΗΝ ΣΤΑΣΙΝ ΤΗΣ ΕΞΑΡΤΑ ΤΗΝ ΛΥΣΙΝ ΤΟΥ ΓΕΡΜΑΝΙΚΟΥ
ΒΟΝΝΗ, 11. (Ρώυτερ).— Ὁ ὑποψήφιος καγκελλάριος τῶν Χριστιανοδημοκρατῶν κ. Κίζινγκερ ἐδήλωσε ὅτι ἡ λύσις τοῦ γερμανικοῦ ζητήματος ἐξαρτᾶται ἀπὸ τὴν στάσιν τῆς Σοβιετικῆς Ἑνώσεως. Ὁ κ. Κίζινγκερ ἐμφανίζεται διαλλακτικὸς ἔναντι τῆς Μόσχας ἀντιθέτως πρὸς τὴν πολιτικὴν τοῦ κ. Ἔρχαρτ. Ὁ ὑποψήφιος καγκελλάριος τῶν Χριστιανοδημοκρατῶν κ. Κίζινγκερ ἐδήλωσε ὅτι ἡ λύσις τοῦ γερμανικοῦ ζητήματος ἐξαρτᾶται ἀπὸ τὴν στάσιν τῆς Σοβιετικῆς Ἑνώσεως. Ὁ κ. Κίζινγκερ ἐμφανίζεται διαλλακτικὸς ἔναντι τῆς Μόσχας ἀντιθέτως πρὸς τὴν πολιτικὴν τοῦ κ. Ἔρχαρτ.
ΑΙ ΜΕΡΙΚΑΙ ΕΚΛΟΓΑΙ ΕΙΣ ΤΑΣ ΗΝΩΜΕΝΑΣ ΠΟΛΙΤΕΙΑΣ ΕΔΩΣΑΝ ΤΗΝ ΕΥΚΑΙΡΙΑΝ ΕΙΣ ΤΟΥΣ ΝΕΓΡΟΥΣ ΝΑ ΕΜΦΑΝΙΣΘΟΥΝ ΕΙΣ ΤΟ ΠΟΛΙΤΙΚΟΝ ΠΡΟΣΚΗΝΙΟΝ
ΝΕΑ ΥΟΡΚΗ, 11. (Ρώυτερ).— Αἱ μερικαὶ ἐκλογαὶ εἰς τὰς Ἡνωμένας Πολιτείας ἔδωσαν τὴν εὐκαιρίαν εἰς τοὺς Νέγρους νὰ ἐμφανισθοῦν δυναμικῶς εἰς τὸ πολιτικὸν προσκήνιον. Πολλοὶ νέγροι ὑποψήφιοι ἐξελέγησαν εἰς τὰ πολιτειακὰ νομοθετικὰ σώματα. Αἱ μερικαὶ ἐκλογαὶ εἰς τὰς Ἡνωμένας Πολιτείας ἔδωσαν τὴν εὐκαιρίαν εἰς τοὺς Νέγρους νὰ ἐμφανισθοῦν δυναμικῶς εἰς τὸ πολιτικὸν προσκήνιον. Πολλοὶ νέγροι ὑποψήφιοι ἐξελέγησαν εἰς τὰ πολιτειακὰ νομοθετικὰ σώματα.
ΑΓΩΝΙΩΔΕΙΣ ΠΡΟΣΠΑΘΕΙΑΙ ΕΙΣ ΤΗΝ ΙΤΑΛΙΑΝ ΔΙΑ ΤΗΝ ΑΠΟΚΑΤΑΣΤΑΣΙΝ ΤΩΝ ΖΗΜΙΩΝ ΚΑΙ ΤΗΝ ΠΕΡΙΘΑΛΨΙΝ ΤΩΝ ΠΛΗΜΜΥΡΟΠΑΘΩΝ
ΡΩΜΗ, 11. (Ἀσ. Πρέσ).— Ἀγωνιώδεις προσπάθειαι καταβάλλονται διὰ τὴν ἀποκατάστασιν τῶν ζημιῶν εἰς τὴν Φλωρεντίαν καὶ τὴν Βενετίαν. Χιλιάδες ἐθελονταὶ βοηθοῦν εἰς τὴν περίθαλψιν τῶν πλημμυροπαθῶν.
ΕΝΔΙΑΦΕΡΟΝ ΦΟΙΤΗΤΩΝ
Ἀγωνιώδεις προσπάθειαι καταβάλλονται διὰ τὴν ἀποκατάστασιν τῶν ζημιῶν εἰς τὴν Φλωρεντίαν καὶ τὴν Βενετίαν. Χιλιάδες ἐθελονταὶ βοηθοῦν εἰς τὴν περίθαλψιν τῶν πλημμυροπαθῶν.
ΕΙΣ ΤΗΝ ΓΑΛΛΙΑΝ
Ἀγωνιώδεις προσπάθειαι καταβάλλονται διὰ τὴν ἀποκατάστασιν τῶν ζημιῶν εἰς τὴν Φλωρεντίαν καὶ τὴν Βενετίαν. Χιλιάδες ἐθελονταὶ βοηθοῦν εἰς τὴν περίθαλψιν τῶν πλημμυροπαθῶν.
ΒΟΗΘΕΙΑ ΕΚ ΓΕΡΜΑΝΙΑΣ
Ἀγωνιώδεις προσπάθειαι καταβάλλονται διὰ τὴν ἀποκατάστασιν τῶν ζημιῶν εἰς τὴν Φλωρεντίαν καὶ τὴν Βενετίαν. Χιλιάδες ἐθελονταὶ βοηθοῦν εἰς τὴν περίθαλψιν τῶν πλημμυροπαθῶν.
ΑΠΟΚΗΡΥΞΙΝ ΤΗΣ ΔΙΑΣΠΟΡΑΣ ΤΩΝ ΟΠΛΩΝ ΠΡΙΝ ΑΡΧΙΣΗ Η ΔΙΑΣΚΕΨΙΣ ΤΗΣ ΓΕΝΕΥΗΣ ΖΗΤΕΙ Η ΣΟΥΗΔΙΑ ΑΠΟ ΤΟΥΣ «ΜΕΓΑΛΟΥΣ»
ΗΝΩΜΕΝΑ ΕΘΝΗ, 11. (Ἀσ. Πρέσ).— Ἡ Σουηδία ἐζήτησε ἀπὸ τὰς μεγάλας δυνάμεις νὰ ἀποκηρύξουν τὴν διασπορὰν τῶν πυρηνικῶν ὅπλων πρὶν ἀρχίσῃ ἡ διάσκεψις τῆς Γενεύης διὰ τὸν ἀφοπλισμόν.
ΔΟΚΙΜΗ ΕΙΣ ΑΜΕΡΙΚΗΝ
Ἡ Σουηδία ἐζήτησε ἀπὸ τὰς μεγάλας δυνάμεις νὰ ἀποκηρύξουν τὴν διασπορὰν τῶν πυρηνικῶν ὅπλων πρὶν ἀρχίσῃ ἡ διάσκεψις τῆς Γενεύης διὰ τὸν ἀφοπλισμόν.
Η ΡΩΣΣΙΚΗ ΕΚΡΗΞΙΣ
Ἡ Σουηδία ἐζήτησε ἀπὸ τὰς μεγάλας δυνάμεις νὰ ἀποκηρύξουν τὴν διασπορὰν τῶν πυρηνικῶν ὅπλων πρὶν ἀρχίσῃ ἡ διάσκεψις τῆς Γενεύης διὰ τὸν ἀφοπλισμόν.
Η ΣΥΝΔΕΣΙΣ ΤΩΝ «ΤΖΕΜΙΝΙ» ΚΑΙ «ΕΪ-ΤΖΙΝΑ» ΕΠΕΤΕΥΧΘΗ ΕΝΤΟΣ ΤΡΙΩΝ ΩΡΩΝ ΑΠΟ ΤΗΣ ΕΝΑΡΞΕΩΣ ΤΗΣ ΠΤΗΣΕΩΣ ΤΩΝ
ΑΚΡΩΤΗΡΙΟΝ ΚΕΝΝΕΝΤΥ, 11. (Ἀσ. Πρέσ).— Τὸ διαστημόπλοιον «Τζέμινι 12» μὲ τοὺς ἀστροναύτας Λόβελ καὶ Ὄλντριν συνεδέθη ἐπιτυχῶς μὲ τὸν πύραυλον «Ἔι-Τζίνα» ἐντὸς τριῶν ὡρῶν ἀπὸ τῆς ἐκτοξεύσεως.
ΔΙΑΛΥΣΙΣ ΔΟΡΥΦΟΡΩΝ
Τὸ διαστημόπλοιον «Τζέμινι 12» μὲ τοὺς ἀστροναύτας Λόβελ καὶ Ὄλντριν συνεδέθη ἐπιτυχῶς μὲ τὸν πύραυλον «Ἔι-Τζίνα» ἐντὸς τριῶν ὡρῶν ἀπὸ τῆς ἐκτοξεύσεως.
ΞΕΝΟΙ ΠΑΡΑΤΗΡΗΤΑΙ
Τὸ διαστημόπλοιον «Τζέμινι 12» μὲ τοὺς ἀστροναύτας Λόβελ καὶ Ὄλντριν συνεδέθη ἐπιτυχῶς μὲ τὸν πύραυλον «Ἔι-Τζίνα» ἐντὸς τριῶν ὡρῶν ἀπὸ τῆς ἐκτοξεύσεως.
ΣΥΡΡΟΗ «ΓΑΛΑΖΟΑΙΜΩΝ» ΕΙΣ ΤΟ ΒΕΛΓΙΟΝ ΔΙΑ ΚΥΝΗΓΙΟΝ ΕΙΣ ΤΟΝ ΒΑΣΙΛΙΚΟΝ ΚΗΠΟΝ
ΒΡΥΞΕΛΛΑΙ, 11. (Ἀσ. Πρέσ).— Μέλη βασιλικῶν οἰκογενειῶν τῆς Εὐρώπης συνέρρευσαν εἰς τὸ Βέλγιον διὰ νὰ λάβουν μέρος εἰς τὸ παραδοσιακὸν κυνήγιον εἰς τὸν βασιλικὸν κῆπον. Μέλη βασιλικῶν οἰκογενειῶν τῆς Εὐρώπης συνέρρευσαν εἰς τὸ Βέλγιον διὰ νὰ λάβουν μέρος εἰς τὸ παραδοσιακὸν κυνήγιον εἰς τὸν βασιλικὸν κῆπον.
Ο ΜΑΡΤΙΝ ΣΥΝΗΝΤΗΘΗ ΜΕΤΑ ΤΟΥ ΓΚΡΟΜΙΚΟ ΚΑΙ ΕΞΗΤΑΣΑΝ ΤΑΣ ΣΧΕΣΕΙΣ ΡΩΣΣΙΑΣ – ΚΑΝΑΔΑ
ΜΟΣΧΑ, 11. (Ρώυτερ).— Ὁ Καναδὸς ὑπουργὸς Ἐξωτερικῶν κ. Μάρτιν συνηντήθη μετὰ τοῦ Σοβιετικοῦ ὁμολόγου του κ. Γκρομύκο καὶ ἐξήτασαν τὰς σχέσεις τῶν δύο χωρῶν.
